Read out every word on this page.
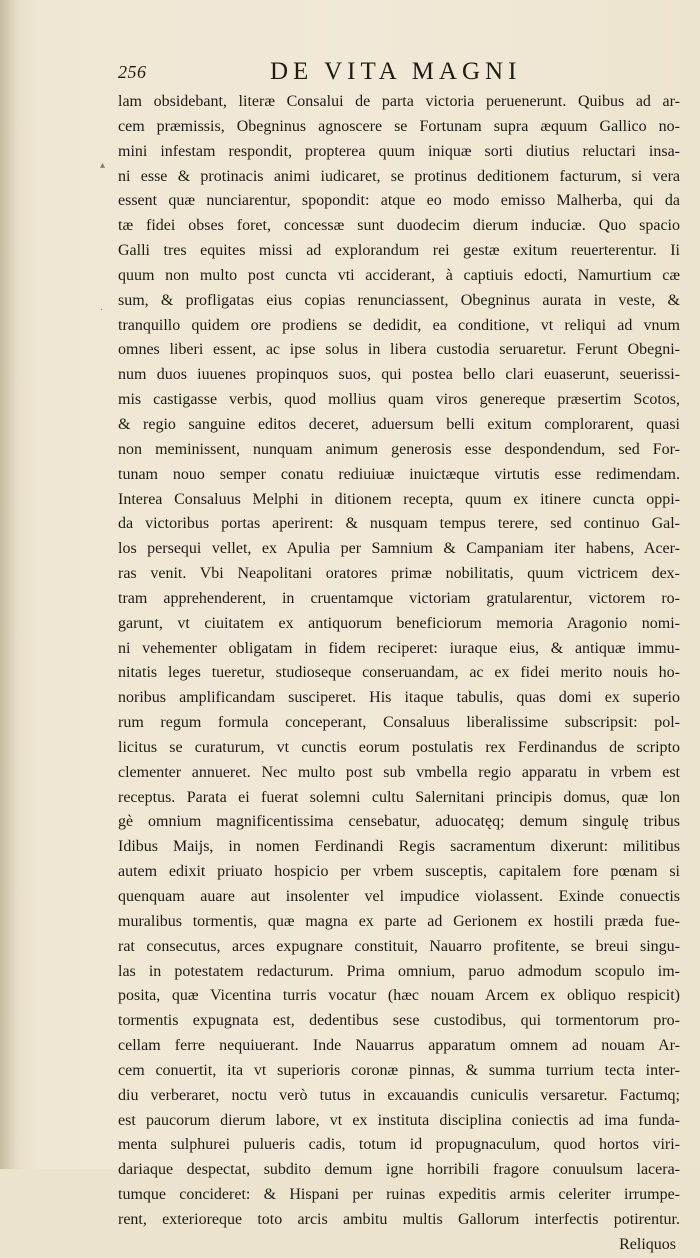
256	DE VITA MAGNI
▴
·
lam obsidebant, literæ Consalui de parta victoria peruenerunt. Quibus ad ar-
cem præmissis, Obegninus agnoscere se Fortunam supra æquum Gallico no-
mini infestam respondit, propterea quum iniquæ sorti diutius reluctari insa-
ni esse & protinacis animi iudicaret, se protinus deditionem facturum, si vera
essent quæ nunciarentur, spopondit: atque eo modo emisso Malherba, qui da
tæ fidei obses foret, concessæ sunt duodecim dierum induciæ. Quo spacio
Galli tres equites missi ad explorandum rei gestæ exitum reuerterentur. Ii
quum non multo post cuncta vti acciderant, à captiuis edocti, Namurtium cæ
sum, & profligatas eius copias renunciassent, Obegninus aurata in veste, &
tranquillo quidem ore prodiens se dedidit, ea conditione, vt reliqui ad vnum
omnes liberi essent, ac ipse solus in libera custodia seruaretur. Ferunt Obegni-
num duos iuuenes propinquos suos, qui postea bello clari euaserunt, seuerissi-
mis castigasse verbis, quod mollius quam viros genereque præsertim Scotos,
& regio sanguine editos deceret, aduersum belli exitum complorarent, quasi
non meminissent, nunquam animum generosis esse despondendum, sed For-
tunam nouo semper conatu rediuiuæ inuictæque virtutis esse redimendam.
Interea Consaluus Melphi in ditionem recepta, quum ex itinere cuncta oppi-
da victoribus portas aperirent: & nusquam tempus terere, sed continuo Gal-
los persequi vellet, ex Apulia per Samnium & Campaniam iter habens, Acer-
ras venit. Vbi Neapolitani oratores primæ nobilitatis, quum victricem dex-
tram apprehenderent, in cruentamque victoriam gratularentur, victorem ro-
garunt, vt ciuitatem ex antiquorum beneficiorum memoria Aragonio nomi-
ni vehementer obligatam in fidem reciperet: iuraque eius, & antiquæ immu-
nitatis leges tueretur, studioseque conseruandam, ac ex fidei merito nouis ho-
noribus amplificandam susciperet. His itaque tabulis, quas domi ex superio
rum regum formula conceperant, Consaluus liberalissime subscripsit: pol-
licitus se curaturum, vt cunctis eorum postulatis rex Ferdinandus de scripto
clementer annueret. Nec multo post sub vmbella regio apparatu in vrbem est
receptus. Parata ei fuerat solemni cultu Salernitani principis domus, quæ lon
gè omnium magnificentissima censebatur, aduocatęq; demum singulę tribus
Idibus Maijs, in nomen Ferdinandi Regis sacramentum dixerunt: militibus
autem edixit priuato hospicio per vrbem susceptis, capitalem fore pœnam si
quenquam auare aut insolenter vel impudice violassent. Exinde conuectis
muralibus tormentis, quæ magna ex parte ad Gerionem ex hostili præda fue-
rat consecutus, arces expugnare constituit, Nauarro profitente, se breui singu-
las in potestatem redacturum. Prima omnium, paruo admodum scopulo im-
posita, quæ Vicentina turris vocatur (hæc nouam Arcem ex obliquo respicit)
tormentis expugnata est, dedentibus sese custodibus, qui tormentorum pro-
cellam ferre nequiuerant. Inde Nauarrus apparatum omnem ad nouam Ar-
cem conuertit, ita vt superioris coronæ pinnas, & summa turrium tecta inter-
diu verberaret, noctu verò tutus in excauandis cuniculis versaretur. Factumq;
est paucorum dierum labore, vt ex instituta disciplina coniectis ad ima funda-
menta sulphurei pulueris cadis, totum id propugnaculum, quod hortos viri-
dariaque despectat, subdito demum igne horribili fragore conuulsum lacera-
tumque concideret: & Hispani per ruinas expeditis armis celeriter irrumpe-
rent, exterioreque toto arcis ambitu multis Gallorum interfectis potirentur.
Reliquos
